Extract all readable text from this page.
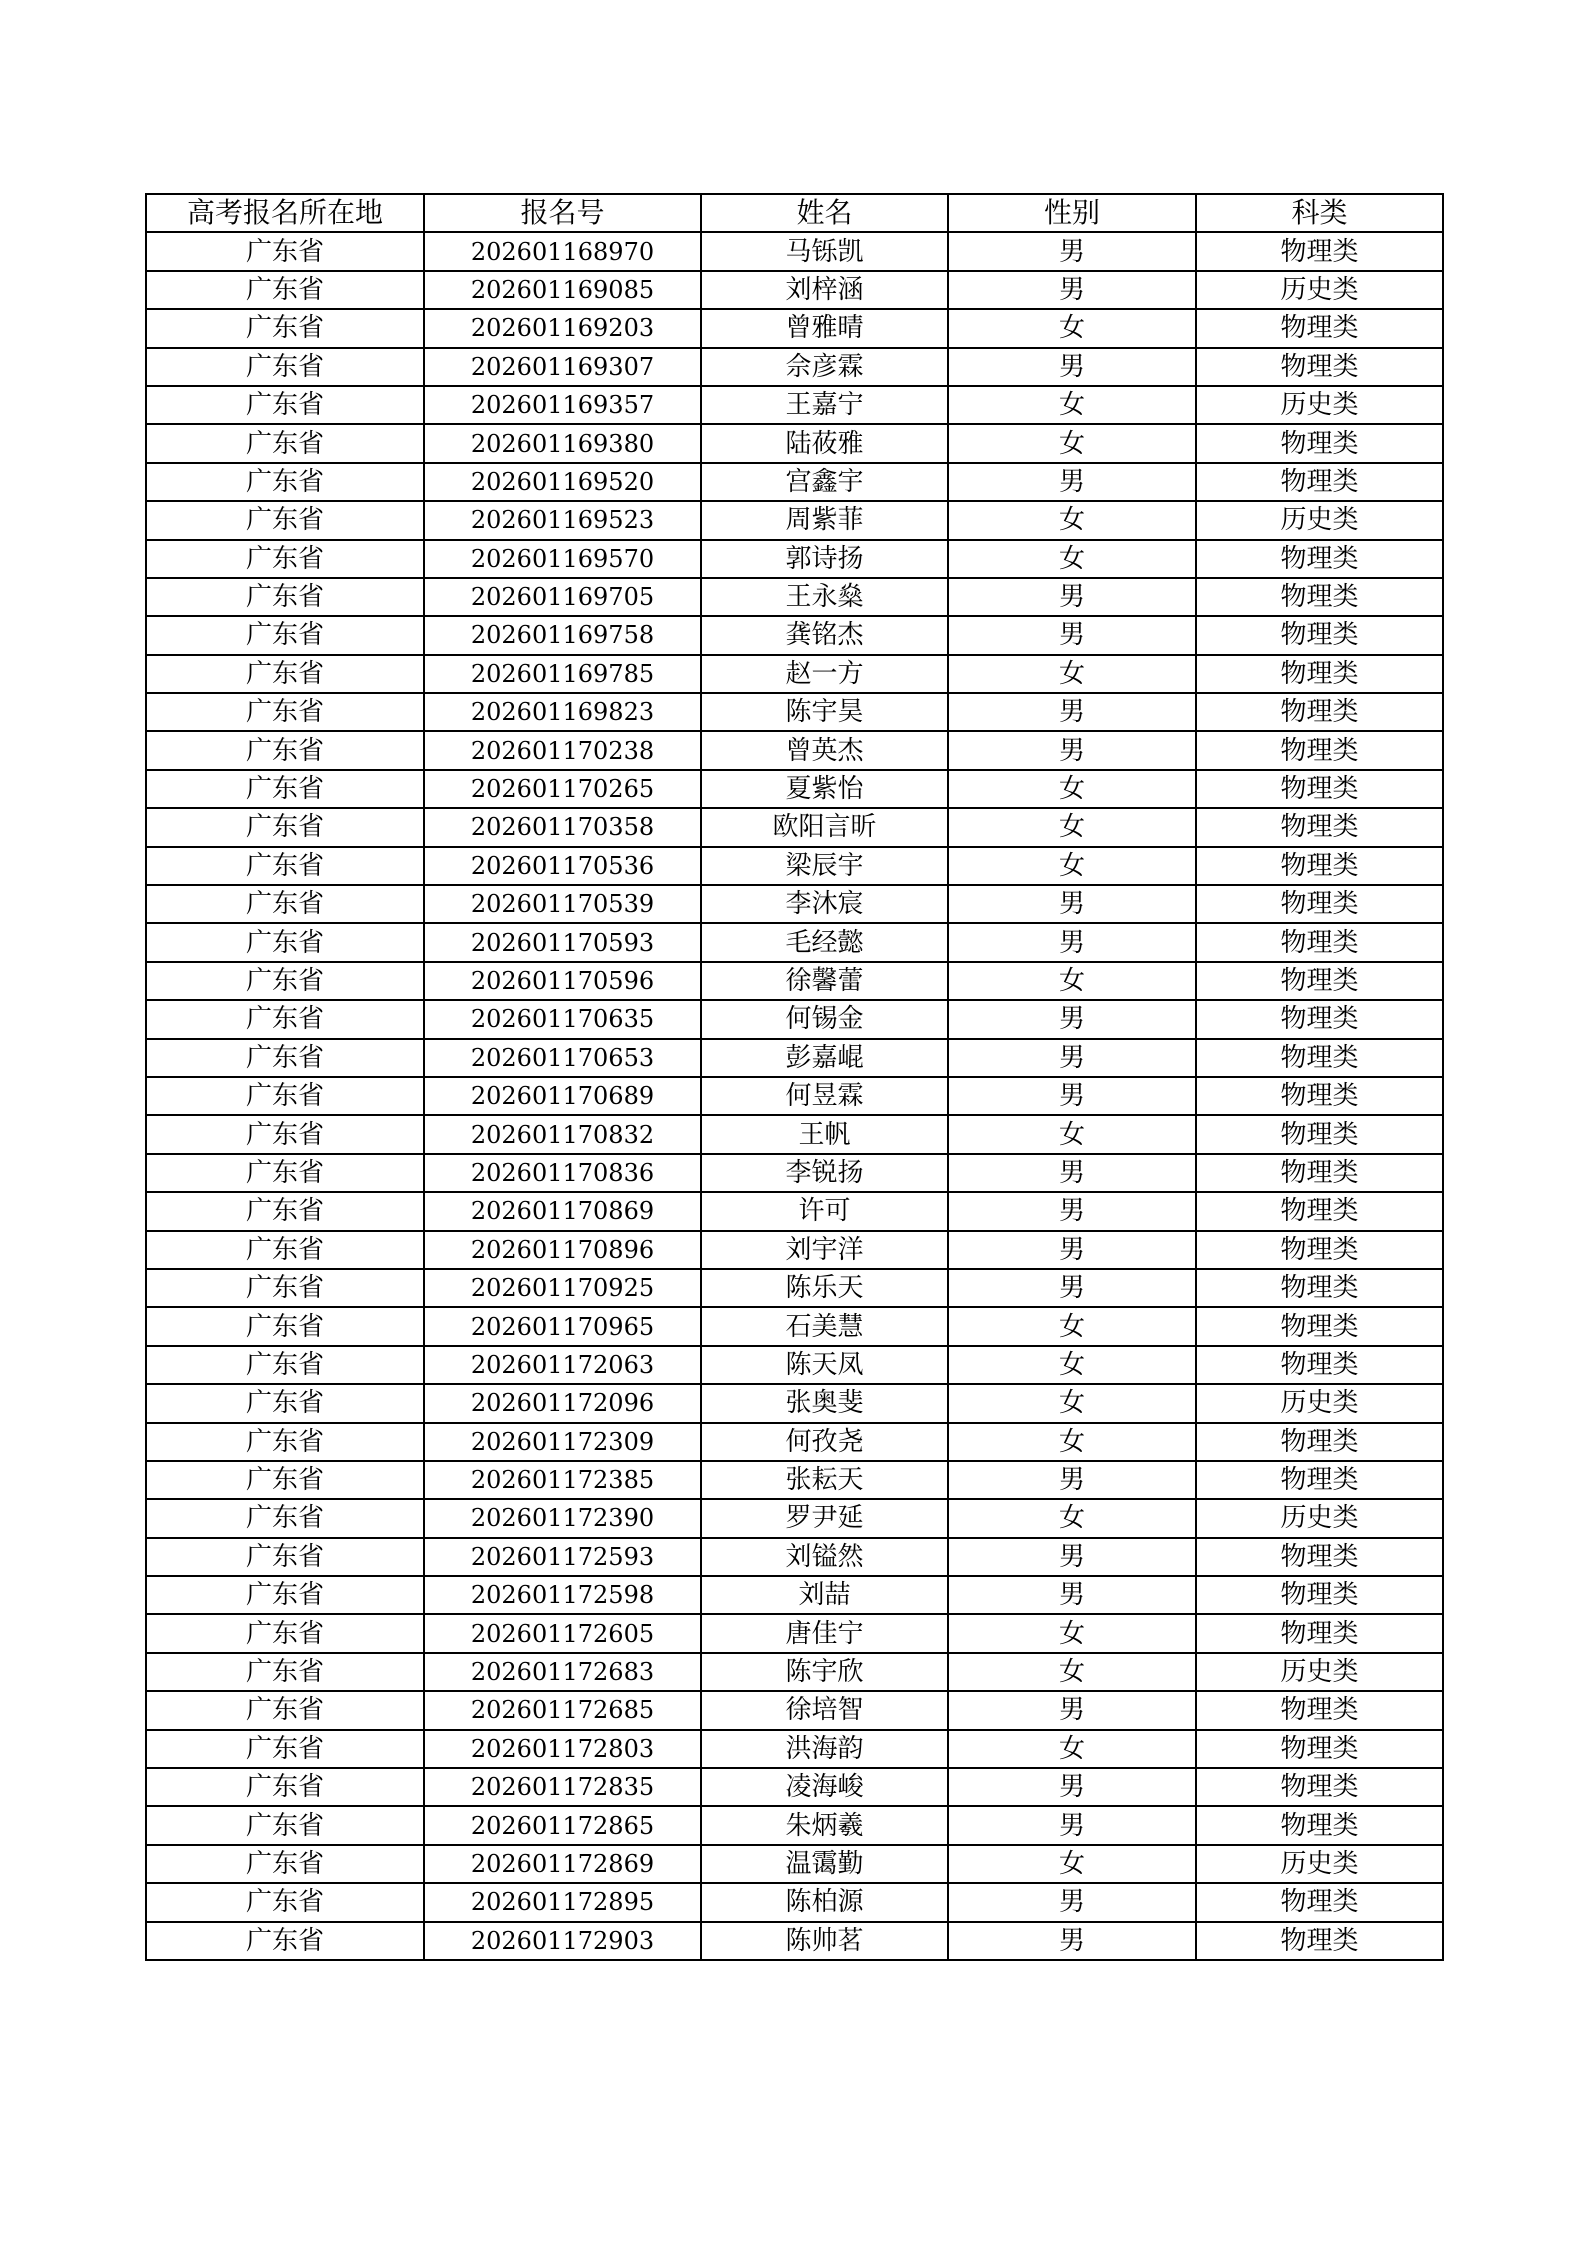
高考报名所在地	报名号	姓名	性别	科类
广东省	202601168970	马铄凯	男	物理类
广东省	202601169085	刘梓涵	男	历史类
广东省	202601169203	曾雅晴	女	物理类
广东省	202601169307	佘彦霖	男	物理类
广东省	202601169357	王嘉宁	女	历史类
广东省	202601169380	陆莜雅	女	物理类
广东省	202601169520	宫鑫宇	男	物理类
广东省	202601169523	周紫菲	女	历史类
广东省	202601169570	郭诗扬	女	物理类
广东省	202601169705	王永燊	男	物理类
广东省	202601169758	龚铭杰	男	物理类
广东省	202601169785	赵一方	女	物理类
广东省	202601169823	陈宇昊	男	物理类
广东省	202601170238	曾英杰	男	物理类
广东省	202601170265	夏紫怡	女	物理类
广东省	202601170358	欧阳言昕	女	物理类
广东省	202601170536	梁辰宇	女	物理类
广东省	202601170539	李沐宸	男	物理类
广东省	202601170593	毛经懿	男	物理类
广东省	202601170596	徐馨蕾	女	物理类
广东省	202601170635	何锡金	男	物理类
广东省	202601170653	彭嘉崐	男	物理类
广东省	202601170689	何昱霖	男	物理类
广东省	202601170832	王帆	女	物理类
广东省	202601170836	李锐扬	男	物理类
广东省	202601170869	许可	男	物理类
广东省	202601170896	刘宇洋	男	物理类
广东省	202601170925	陈乐天	男	物理类
广东省	202601170965	石美慧	女	物理类
广东省	202601172063	陈天凤	女	物理类
广东省	202601172096	张奥斐	女	历史类
广东省	202601172309	何孜尧	女	物理类
广东省	202601172385	张耘天	男	物理类
广东省	202601172390	罗尹延	女	历史类
广东省	202601172593	刘镒然	男	物理类
广东省	202601172598	刘喆	男	物理类
广东省	202601172605	唐佳宁	女	物理类
广东省	202601172683	陈宇欣	女	历史类
广东省	202601172685	徐培智	男	物理类
广东省	202601172803	洪海韵	女	物理类
广东省	202601172835	凌海峻	男	物理类
广东省	202601172865	朱炳羲	男	物理类
广东省	202601172869	温霭勤	女	历史类
广东省	202601172895	陈柏源	男	物理类
广东省	202601172903	陈帅茗	男	物理类
